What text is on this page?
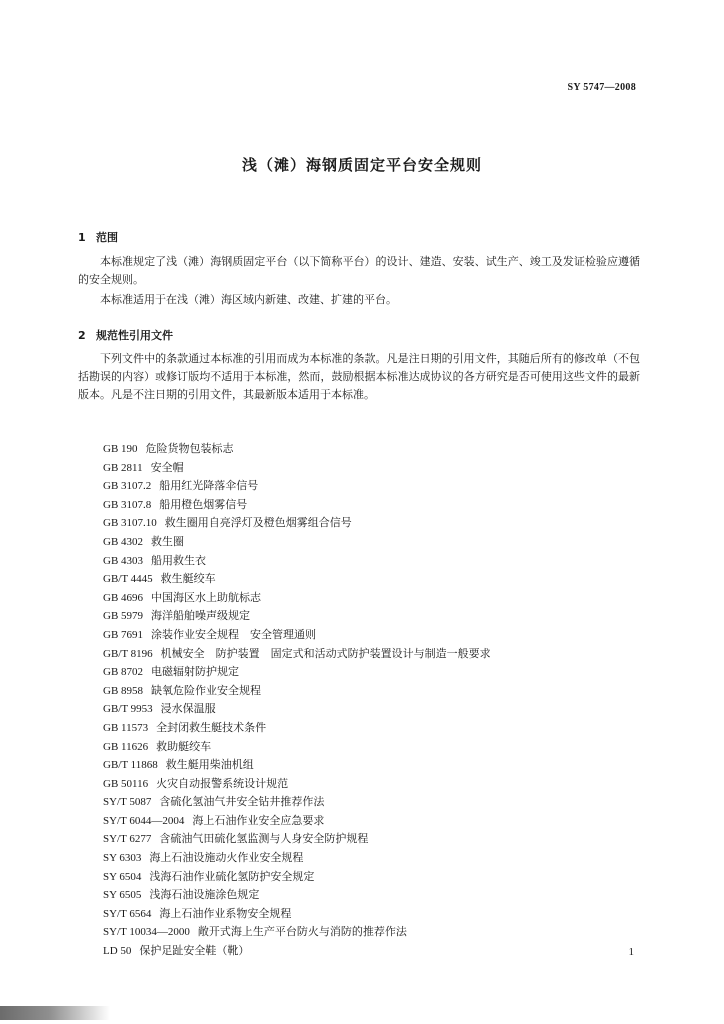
SY 5747—2008
浅（滩）海钢质固定平台安全规则
1 范围
本标准规定了浅（滩）海钢质固定平台（以下简称平台）的设计、建造、安装、试生产、竣工及发证检验应遵循的安全规则。
本标准适用于在浅（滩）海区域内新建、改建、扩建的平台。
2 规范性引用文件
下列文件中的条款通过本标准的引用而成为本标准的条款。凡是注日期的引用文件，其随后所有的修改单（不包括勘误的内容）或修订版均不适用于本标准，然而，鼓励根据本标准达成协议的各方研究是否可使用这些文件的最新版本。凡是不注日期的引用文件，其最新版本适用于本标准。
GB 190 危险货物包装标志
GB 2811 安全帽
GB 3107.2 船用红光降落伞信号
GB 3107.8 船用橙色烟雾信号
GB 3107.10 救生圈用自亮浮灯及橙色烟雾组合信号
GB 4302 救生圈
GB 4303 船用救生衣
GB/T 4445 救生艇绞车
GB 4696 中国海区水上助航标志
GB 5979 海洋船舶噪声级规定
GB 7691 涂装作业安全规程　安全管理通则
GB/T 8196 机械安全　防护装置　固定式和活动式防护装置设计与制造一般要求
GB 8702 电磁辐射防护规定
GB 8958 缺氧危险作业安全规程
GB/T 9953 浸水保温服
GB 11573 全封闭救生艇技术条件
GB 11626 救助艇绞车
GB/T 11868 救生艇用柴油机组
GB 50116 火灾自动报警系统设计规范
SY/T 5087 含硫化氢油气井安全钻井推荐作法
SY/T 6044—2004 海上石油作业安全应急要求
SY/T 6277 含硫油气田硫化氢监测与人身安全防护规程
SY 6303 海上石油设施动火作业安全规程
SY 6504 浅海石油作业硫化氢防护安全规定
SY 6505 浅海石油设施涂色规定
SY/T 6564 海上石油作业系物安全规程
SY/T 10034—2000 敞开式海上生产平台防火与消防的推荐作法
LD 50 保护足趾安全鞋（靴）	1
